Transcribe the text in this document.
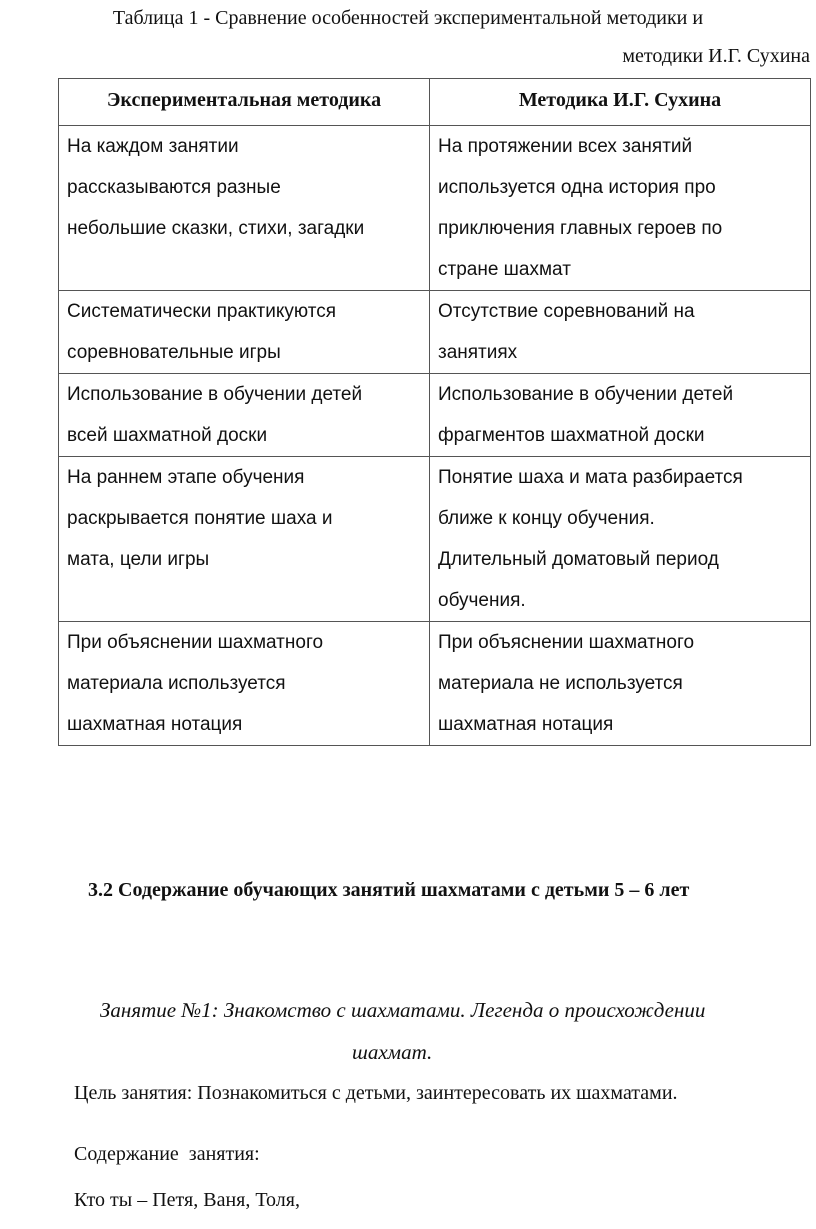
Таблица 1 - Сравнение особенностей экспериментальной методики и
методики И.Г. Сухина
Экспериментальная методика	Методика И.Г. Сухина

На каждом занятии
рассказываются разные
небольшие сказки, стихи, загадки	На протяжении всех занятий
используется одна история про
приключения главных героев по
стране шахмат

Систематически практикуются
соревновательные игры	Отсутствие соревнований на
занятиях

Использование в обучении детей
всей шахматной доски	Использование в обучении детей
фрагментов шахматной доски

На раннем этапе обучения
раскрывается понятие шаха и
мата, цели игры	Понятие шаха и мата разбирается
ближе к концу обучения.
Длительный доматовый период
обучения.

При объяснении шахматного
материала используется
шахматная нотация	При объяснении шахматного
материала не используется
шахматная нотация
3.2 Содержание обучающих занятий шахматами с детьми 5 – 6 лет
Занятие №1: Знакомство с шахматами. Легенда о происхождении
шахмат.
Цель занятия: Познакомиться с детьми, заинтересовать их шахматами.
Содержание  занятия:
Кто ты – Петя, Ваня, Толя,
